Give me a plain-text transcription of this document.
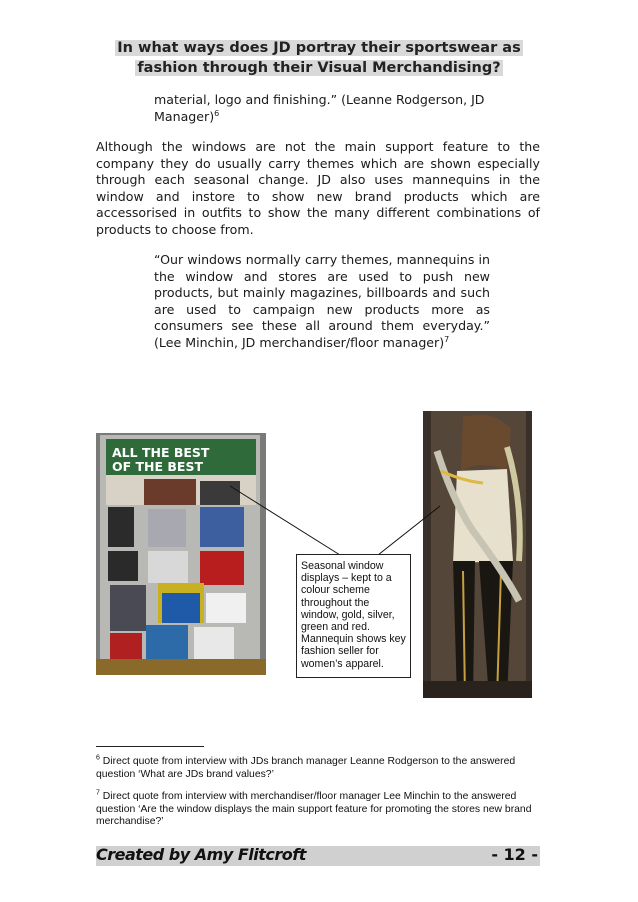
In what ways does JD portray their sportswear as
fashion through their Visual Merchandising?
material, logo and finishing.” (Leanne Rodgerson, JD Manager)$^6$
Although the windows are not the main support feature to the company they do usually carry themes which are shown especially through each seasonal change. JD also uses mannequins in the window and instore to show new brand products which are accessorised in outfits to show the many different combinations of products to choose from.
“Our windows normally carry themes, mannequins in the window and stores are used to push new products, but mainly magazines, billboards and such are used to campaign new products more as consumers see these all around them everyday.” (Lee Minchin, JD merchandiser/floor manager)$^7$
ALL THE BEST
OF THE BEST
Seasonal window displays – kept to a colour scheme throughout the window, gold, silver, green and red. Mannequin shows key fashion seller for women’s apparel.
$^6$ Direct quote from interview with JDs branch manager Leanne Rodgerson to the answered question ‘What are JDs brand values?’
$^7$ Direct quote from interview with merchandiser/floor manager Lee Minchin to the answered question ‘Are the window displays the main support feature for promoting the stores new brand merchandise?’
Created by Amy Flitcroft	- 12 -
